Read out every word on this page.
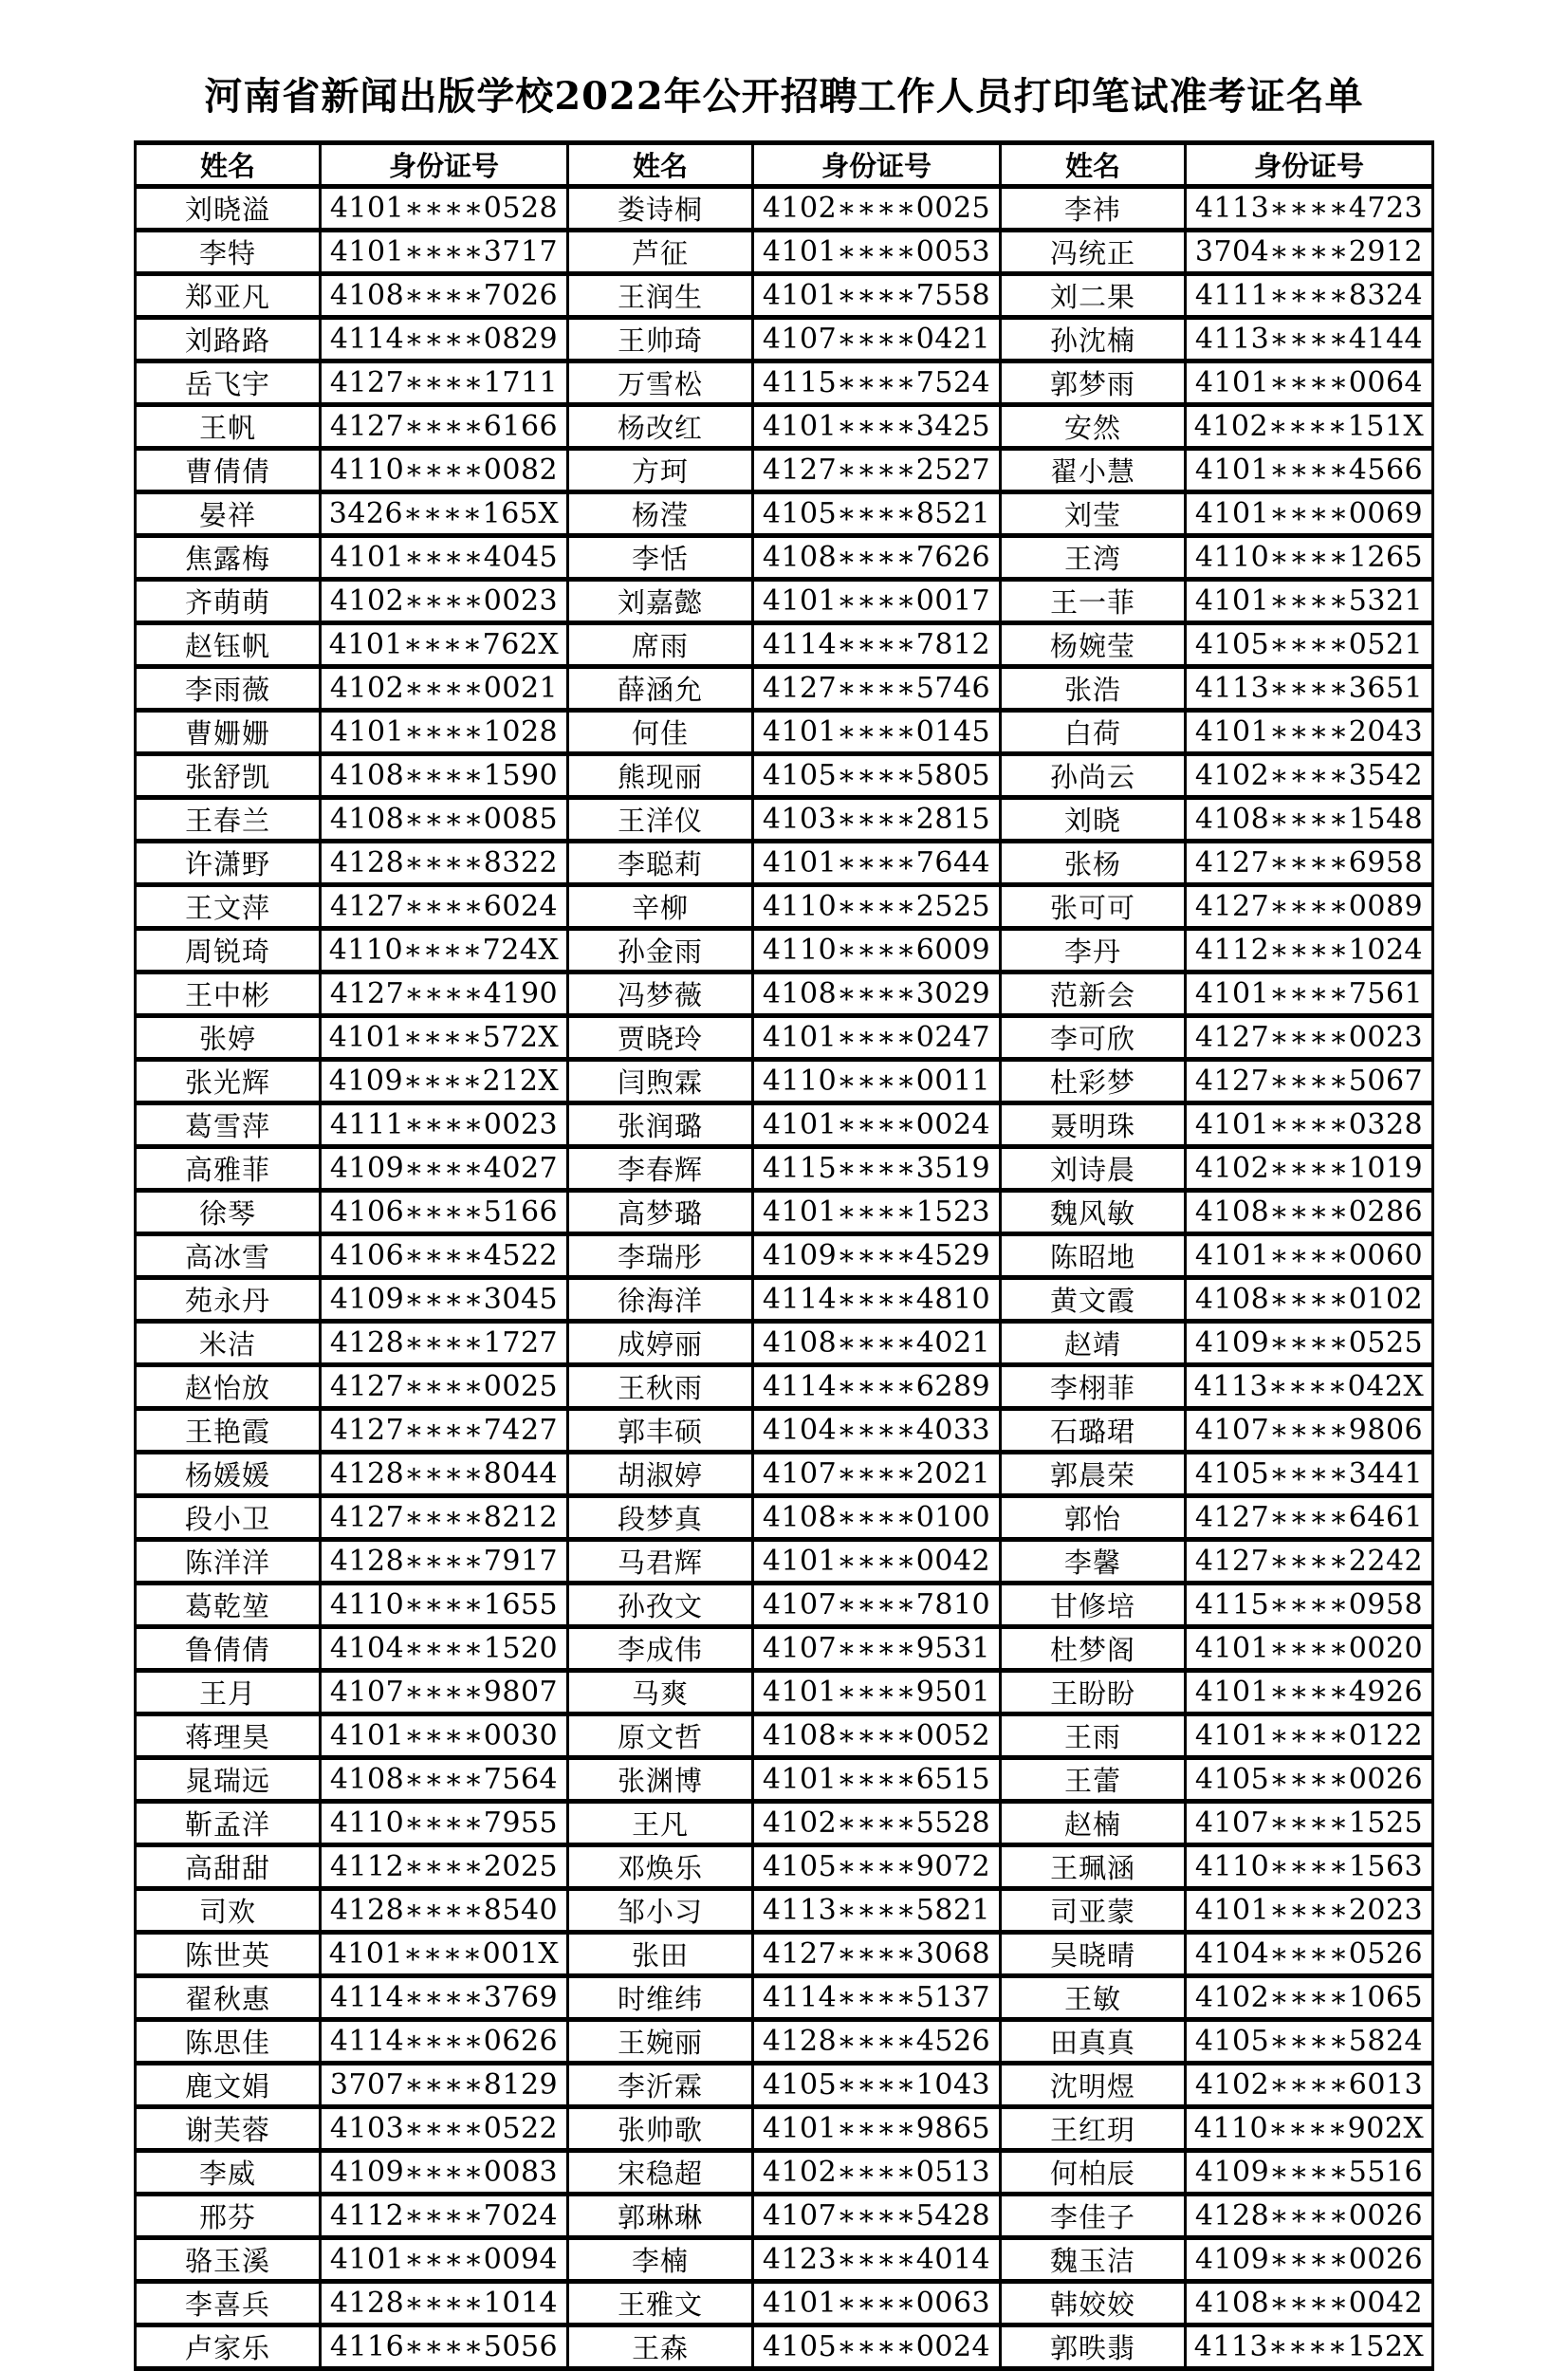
河南省新闻出版学校2022年公开招聘工作人员打印笔试准考证名单
姓名	身份证号	姓名	身份证号	姓名	身份证号
刘晓溢	4101∗∗∗∗0528	娄诗桐	4102∗∗∗∗0025	李祎	4113∗∗∗∗4723
李特	4101∗∗∗∗3717	芦征	4101∗∗∗∗0053	冯统正	3704∗∗∗∗2912
郑亚凡	4108∗∗∗∗7026	王润生	4101∗∗∗∗7558	刘二果	4111∗∗∗∗8324
刘路路	4114∗∗∗∗0829	王帅琦	4107∗∗∗∗0421	孙沈楠	4113∗∗∗∗4144
岳飞宇	4127∗∗∗∗1711	万雪松	4115∗∗∗∗7524	郭梦雨	4101∗∗∗∗0064
王帆	4127∗∗∗∗6166	杨改红	4101∗∗∗∗3425	安然	4102∗∗∗∗151X
曹倩倩	4110∗∗∗∗0082	方珂	4127∗∗∗∗2527	翟小慧	4101∗∗∗∗4566
晏祥	3426∗∗∗∗165X	杨滢	4105∗∗∗∗8521	刘莹	4101∗∗∗∗0069
焦露梅	4101∗∗∗∗4045	李恬	4108∗∗∗∗7626	王湾	4110∗∗∗∗1265
齐萌萌	4102∗∗∗∗0023	刘嘉懿	4101∗∗∗∗0017	王一菲	4101∗∗∗∗5321
赵钰帆	4101∗∗∗∗762X	席雨	4114∗∗∗∗7812	杨婉莹	4105∗∗∗∗0521
李雨薇	4102∗∗∗∗0021	薛涵允	4127∗∗∗∗5746	张浩	4113∗∗∗∗3651
曹姗姗	4101∗∗∗∗1028	何佳	4101∗∗∗∗0145	白荷	4101∗∗∗∗2043
张舒凯	4108∗∗∗∗1590	熊现丽	4105∗∗∗∗5805	孙尚云	4102∗∗∗∗3542
王春兰	4108∗∗∗∗0085	王洋仪	4103∗∗∗∗2815	刘晓	4108∗∗∗∗1548
许潇野	4128∗∗∗∗8322	李聪莉	4101∗∗∗∗7644	张杨	4127∗∗∗∗6958
王文萍	4127∗∗∗∗6024	辛柳	4110∗∗∗∗2525	张可可	4127∗∗∗∗0089
周锐琦	4110∗∗∗∗724X	孙金雨	4110∗∗∗∗6009	李丹	4112∗∗∗∗1024
王中彬	4127∗∗∗∗4190	冯梦薇	4108∗∗∗∗3029	范新会	4101∗∗∗∗7561
张婷	4101∗∗∗∗572X	贾晓玲	4101∗∗∗∗0247	李可欣	4127∗∗∗∗0023
张光辉	4109∗∗∗∗212X	闫煦霖	4110∗∗∗∗0011	杜彩梦	4127∗∗∗∗5067
葛雪萍	4111∗∗∗∗0023	张润璐	4101∗∗∗∗0024	聂明珠	4101∗∗∗∗0328
高雅菲	4109∗∗∗∗4027	李春辉	4115∗∗∗∗3519	刘诗晨	4102∗∗∗∗1019
徐琴	4106∗∗∗∗5166	高梦璐	4101∗∗∗∗1523	魏风敏	4108∗∗∗∗0286
高冰雪	4106∗∗∗∗4522	李瑞彤	4109∗∗∗∗4529	陈昭地	4101∗∗∗∗0060
苑永丹	4109∗∗∗∗3045	徐海洋	4114∗∗∗∗4810	黄文霞	4108∗∗∗∗0102
米洁	4128∗∗∗∗1727	成婷丽	4108∗∗∗∗4021	赵靖	4109∗∗∗∗0525
赵怡放	4127∗∗∗∗0025	王秋雨	4114∗∗∗∗6289	李栩菲	4113∗∗∗∗042X
王艳霞	4127∗∗∗∗7427	郭丰硕	4104∗∗∗∗4033	石璐珺	4107∗∗∗∗9806
杨媛媛	4128∗∗∗∗8044	胡淑婷	4107∗∗∗∗2021	郭晨荣	4105∗∗∗∗3441
段小卫	4127∗∗∗∗8212	段梦真	4108∗∗∗∗0100	郭怡	4127∗∗∗∗6461
陈洋洋	4128∗∗∗∗7917	马君辉	4101∗∗∗∗0042	李馨	4127∗∗∗∗2242
葛乾堃	4110∗∗∗∗1655	孙孜文	4107∗∗∗∗7810	甘修培	4115∗∗∗∗0958
鲁倩倩	4104∗∗∗∗1520	李成伟	4107∗∗∗∗9531	杜梦阁	4101∗∗∗∗0020
王月	4107∗∗∗∗9807	马爽	4101∗∗∗∗9501	王盼盼	4101∗∗∗∗4926
蒋理昊	4101∗∗∗∗0030	原文哲	4108∗∗∗∗0052	王雨	4101∗∗∗∗0122
晁瑞远	4108∗∗∗∗7564	张渊博	4101∗∗∗∗6515	王蕾	4105∗∗∗∗0026
靳孟洋	4110∗∗∗∗7955	王凡	4102∗∗∗∗5528	赵楠	4107∗∗∗∗1525
高甜甜	4112∗∗∗∗2025	邓焕乐	4105∗∗∗∗9072	王珮涵	4110∗∗∗∗1563
司欢	4128∗∗∗∗8540	邹小习	4113∗∗∗∗5821	司亚蒙	4101∗∗∗∗2023
陈世英	4101∗∗∗∗001X	张田	4127∗∗∗∗3068	吴晓晴	4104∗∗∗∗0526
翟秋惠	4114∗∗∗∗3769	时维纬	4114∗∗∗∗5137	王敏	4102∗∗∗∗1065
陈思佳	4114∗∗∗∗0626	王婉丽	4128∗∗∗∗4526	田真真	4105∗∗∗∗5824
鹿文娟	3707∗∗∗∗8129	李沂霖	4105∗∗∗∗1043	沈明煜	4102∗∗∗∗6013
谢芙蓉	4103∗∗∗∗0522	张帅歌	4101∗∗∗∗9865	王红玥	4110∗∗∗∗902X
李威	4109∗∗∗∗0083	宋稳超	4102∗∗∗∗0513	何柏辰	4109∗∗∗∗5516
邢芬	4112∗∗∗∗7024	郭琳琳	4107∗∗∗∗5428	李佳子	4128∗∗∗∗0026
骆玉溪	4101∗∗∗∗0094	李楠	4123∗∗∗∗4014	魏玉洁	4109∗∗∗∗0026
李喜兵	4128∗∗∗∗1014	王雅文	4101∗∗∗∗0063	韩姣姣	4108∗∗∗∗0042
卢家乐	4116∗∗∗∗5056	王森	4105∗∗∗∗0024	郭昳翡	4113∗∗∗∗152X
